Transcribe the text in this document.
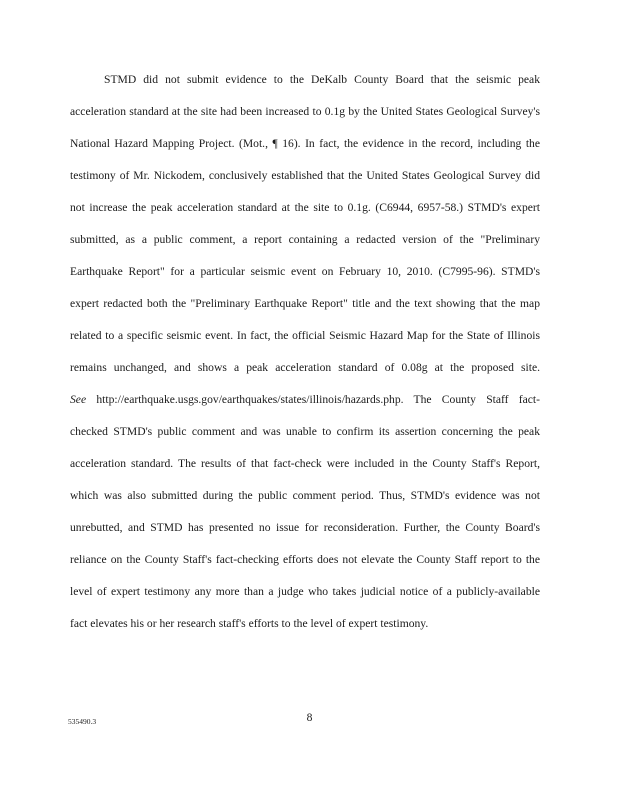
STMD did not submit evidence to the DeKalb County Board that the seismic peak
acceleration standard at the site had been increased to 0.1g by the United States Geological Survey's
National Hazard Mapping Project. (Mot., ¶ 16). In fact, the evidence in the record, including the
testimony of Mr. Nickodem, conclusively established that the United States Geological Survey did
not increase the peak acceleration standard at the site to 0.1g. (C6944, 6957-58.) STMD's expert
submitted, as a public comment, a report containing a redacted version of the "Preliminary
Earthquake Report" for a particular seismic event on February 10, 2010. (C7995-96). STMD's
expert redacted both the "Preliminary Earthquake Report" title and the text showing that the map
related to a specific seismic event. In fact, the official Seismic Hazard Map for the State of Illinois
remains unchanged, and shows a peak acceleration standard of 0.08g at the proposed site.
See http://earthquake.usgs.gov/earthquakes/states/illinois/hazards.php. The County Staff fact-
checked STMD's public comment and was unable to confirm its assertion concerning the peak
acceleration standard. The results of that fact-check were included in the County Staff's Report,
which was also submitted during the public comment period. Thus, STMD's evidence was not
unrebutted, and STMD has presented no issue for reconsideration. Further, the County Board's
reliance on the County Staff's fact-checking efforts does not elevate the County Staff report to the
level of expert testimony any more than a judge who takes judicial notice of a publicly-available
fact elevates his or her research staff's efforts to the level of expert testimony.
535490.3	8
